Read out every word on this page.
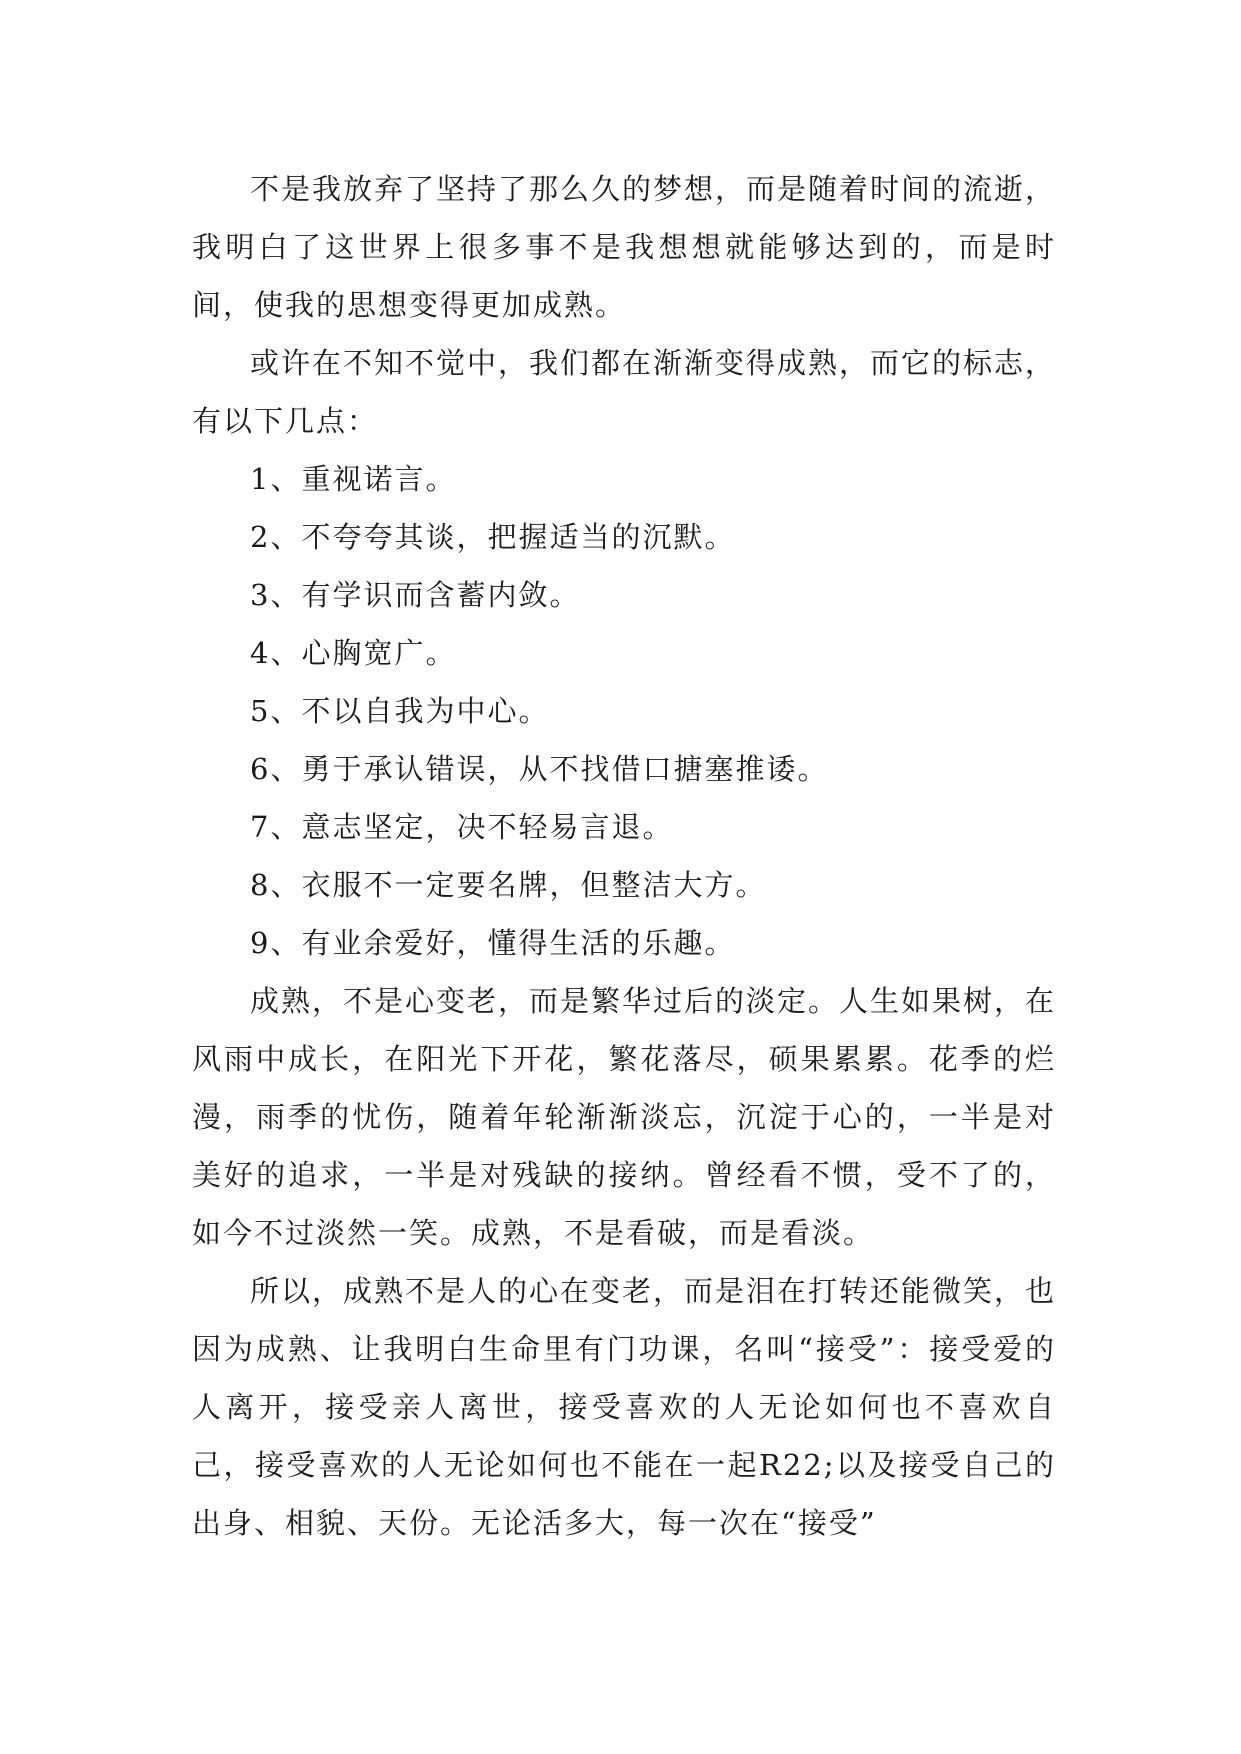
不是我放弃了坚持了那么久的梦想，而是随着时间的流逝，我明白了这世界上很多事不是我想想就能够达到的，而是时间，使我的思想变得更加成熟。

或许在不知不觉中，我们都在渐渐变得成熟，而它的标志，有以下几点：

1、重视诺言。

2、不夸夸其谈，把握适当的沉默。

3、有学识而含蓄内敛。

4、心胸宽广。

5、不以自我为中心。

6、勇于承认错误，从不找借口搪塞推诿。

7、意志坚定，决不轻易言退。

8、衣服不一定要名牌，但整洁大方。

9、有业余爱好，懂得生活的乐趣。

成熟，不是心变老，而是繁华过后的淡定。人生如果树，在风雨中成长，在阳光下开花，繁花落尽，硕果累累。花季的烂漫，雨季的忧伤，随着年轮渐渐淡忘，沉淀于心的，一半是对美好的追求，一半是对残缺的接纳。曾经看不惯，受不了的，如今不过淡然一笑。成熟，不是看破，而是看淡。

所以，成熟不是人的心在变老，而是泪在打转还能微笑，也因为成熟、让我明白生命里有门功课，名叫“接受”：接受爱的人离开，接受亲人离世，接受喜欢的人无论如何也不喜欢自己，接受喜欢的人无论如何也不能在一起R22;以及接受自己的出身、相貌、天份。无论活多大，每一次在“接受”
